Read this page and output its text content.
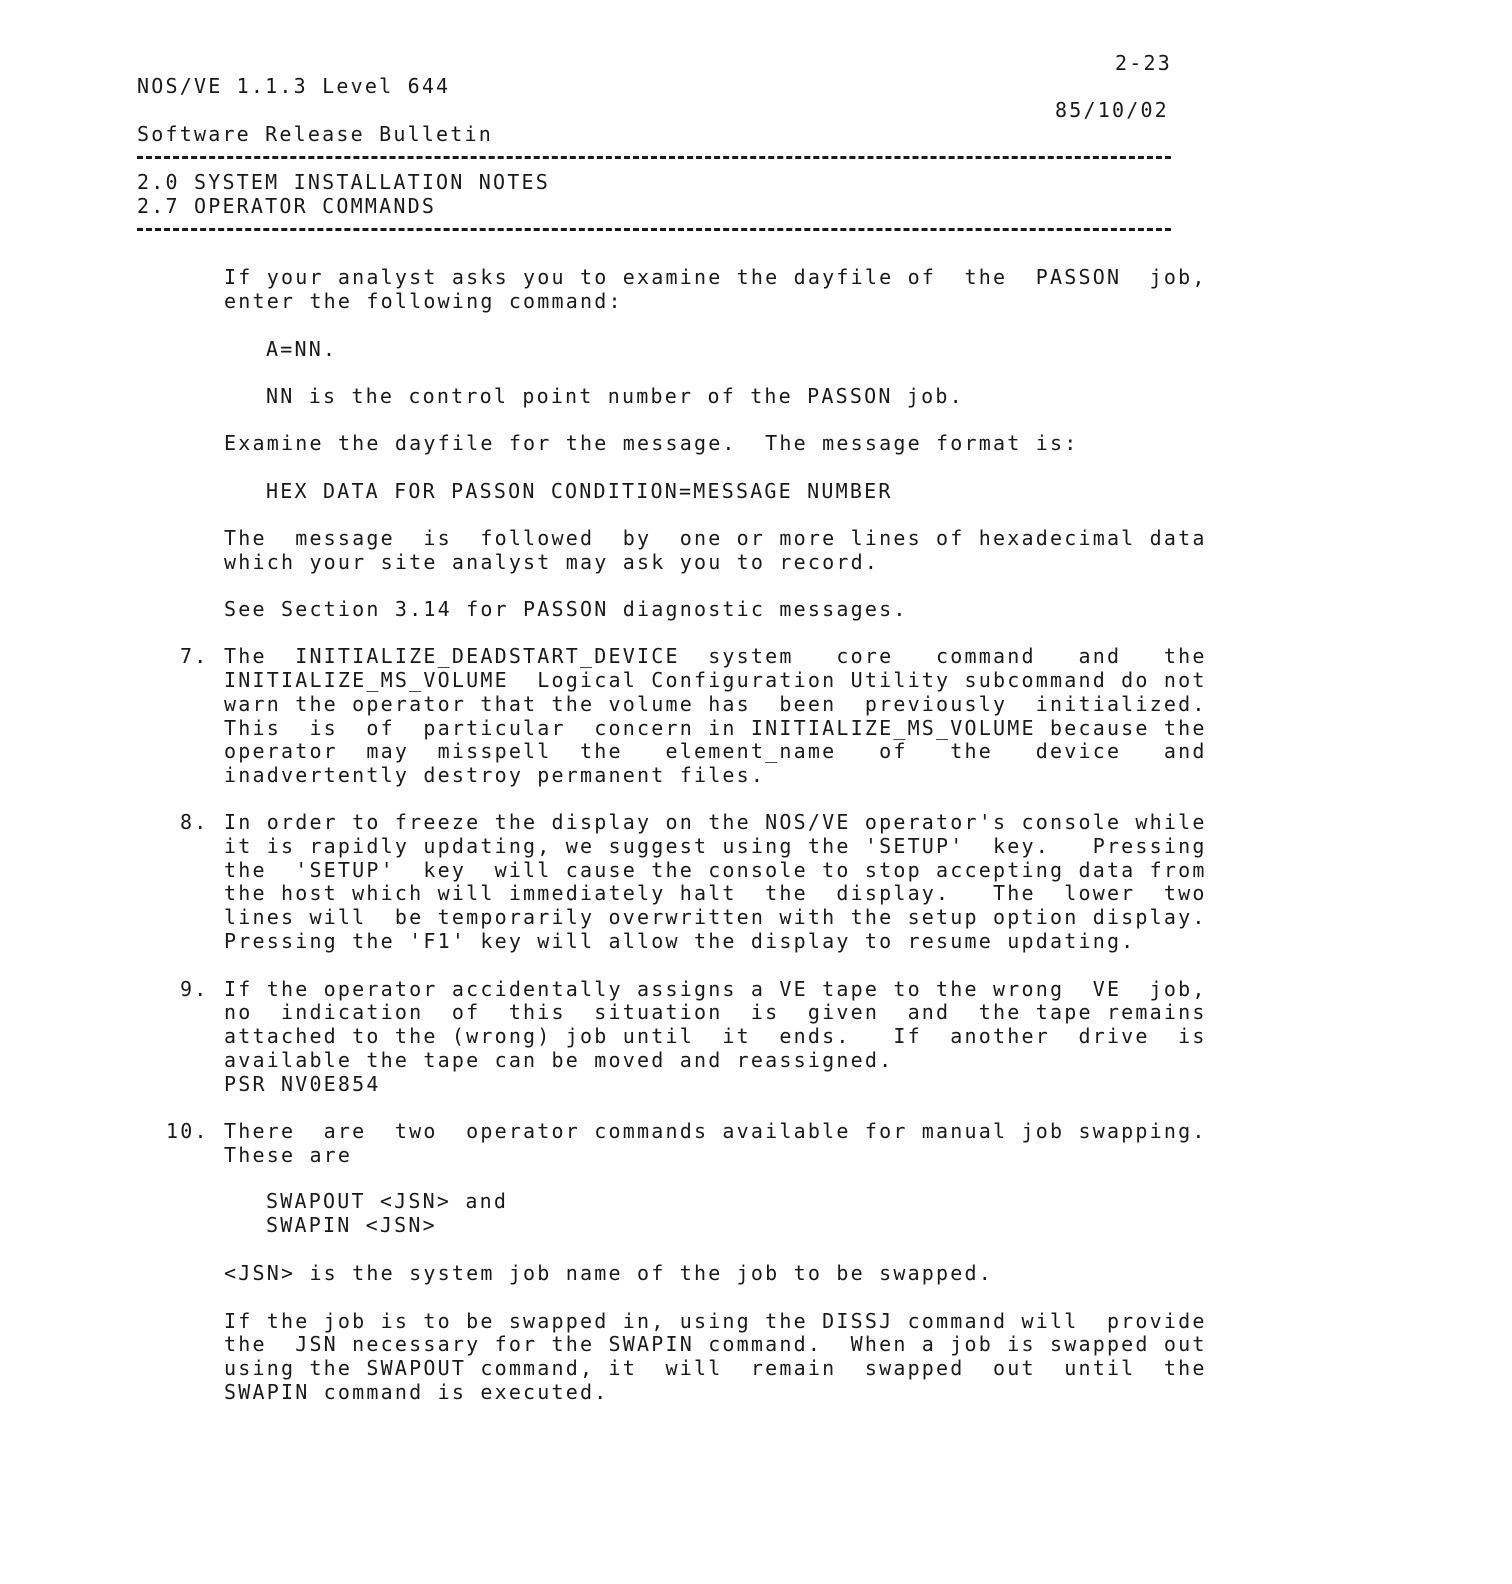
2-23
NOS/VE 1.1.3 Level 644
85/10/02
Software Release Bulletin
2.0 SYSTEM INSTALLATION NOTES
2.7 OPERATOR COMMANDS
If your analyst asks you to examine the dayfile of  the  PASSON  job,
enter the following command:
A=NN.
NN is the control point number of the PASSON job.
Examine the dayfile for the message.  The message format is:
HEX DATA FOR PASSON CONDITION=MESSAGE NUMBER
The  message  is  followed  by  one or more lines of hexadecimal data
which your site analyst may ask you to record.
See Section 3.14 for PASSON diagnostic messages.
7. The  INITIALIZE_DEADSTART_DEVICE  system   core   command   and   the
INITIALIZE_MS_VOLUME  Logical Configuration Utility subcommand do not
warn the operator that the volume has  been  previously  initialized.
This  is  of  particular  concern in INITIALIZE_MS_VOLUME because the
operator  may  misspell  the   element_name   of   the   device   and
inadvertently destroy permanent files.
8. In order to freeze the display on the NOS/VE operator's console while
it is rapidly updating, we suggest using the 'SETUP'  key.   Pressing
the  'SETUP'  key  will cause the console to stop accepting data from
the host which will immediately halt  the  display.   The  lower  two
lines will  be temporarily overwritten with the setup option display.
Pressing the 'F1' key will allow the display to resume updating.
9. If the operator accidentally assigns a VE tape to the wrong  VE  job,
no  indication  of  this  situation  is  given  and  the tape remains
attached to the (wrong) job until  it  ends.   If  another  drive  is
available the tape can be moved and reassigned.
PSR NV0E854
10. There  are  two  operator commands available for manual job swapping.
These are
SWAPOUT <JSN> and
SWAPIN <JSN>
<JSN> is the system job name of the job to be swapped.
If the job is to be swapped in, using the DISSJ command will  provide
the  JSN necessary for the SWAPIN command.  When a job is swapped out
using the SWAPOUT command, it  will  remain  swapped  out  until  the
SWAPIN command is executed.
